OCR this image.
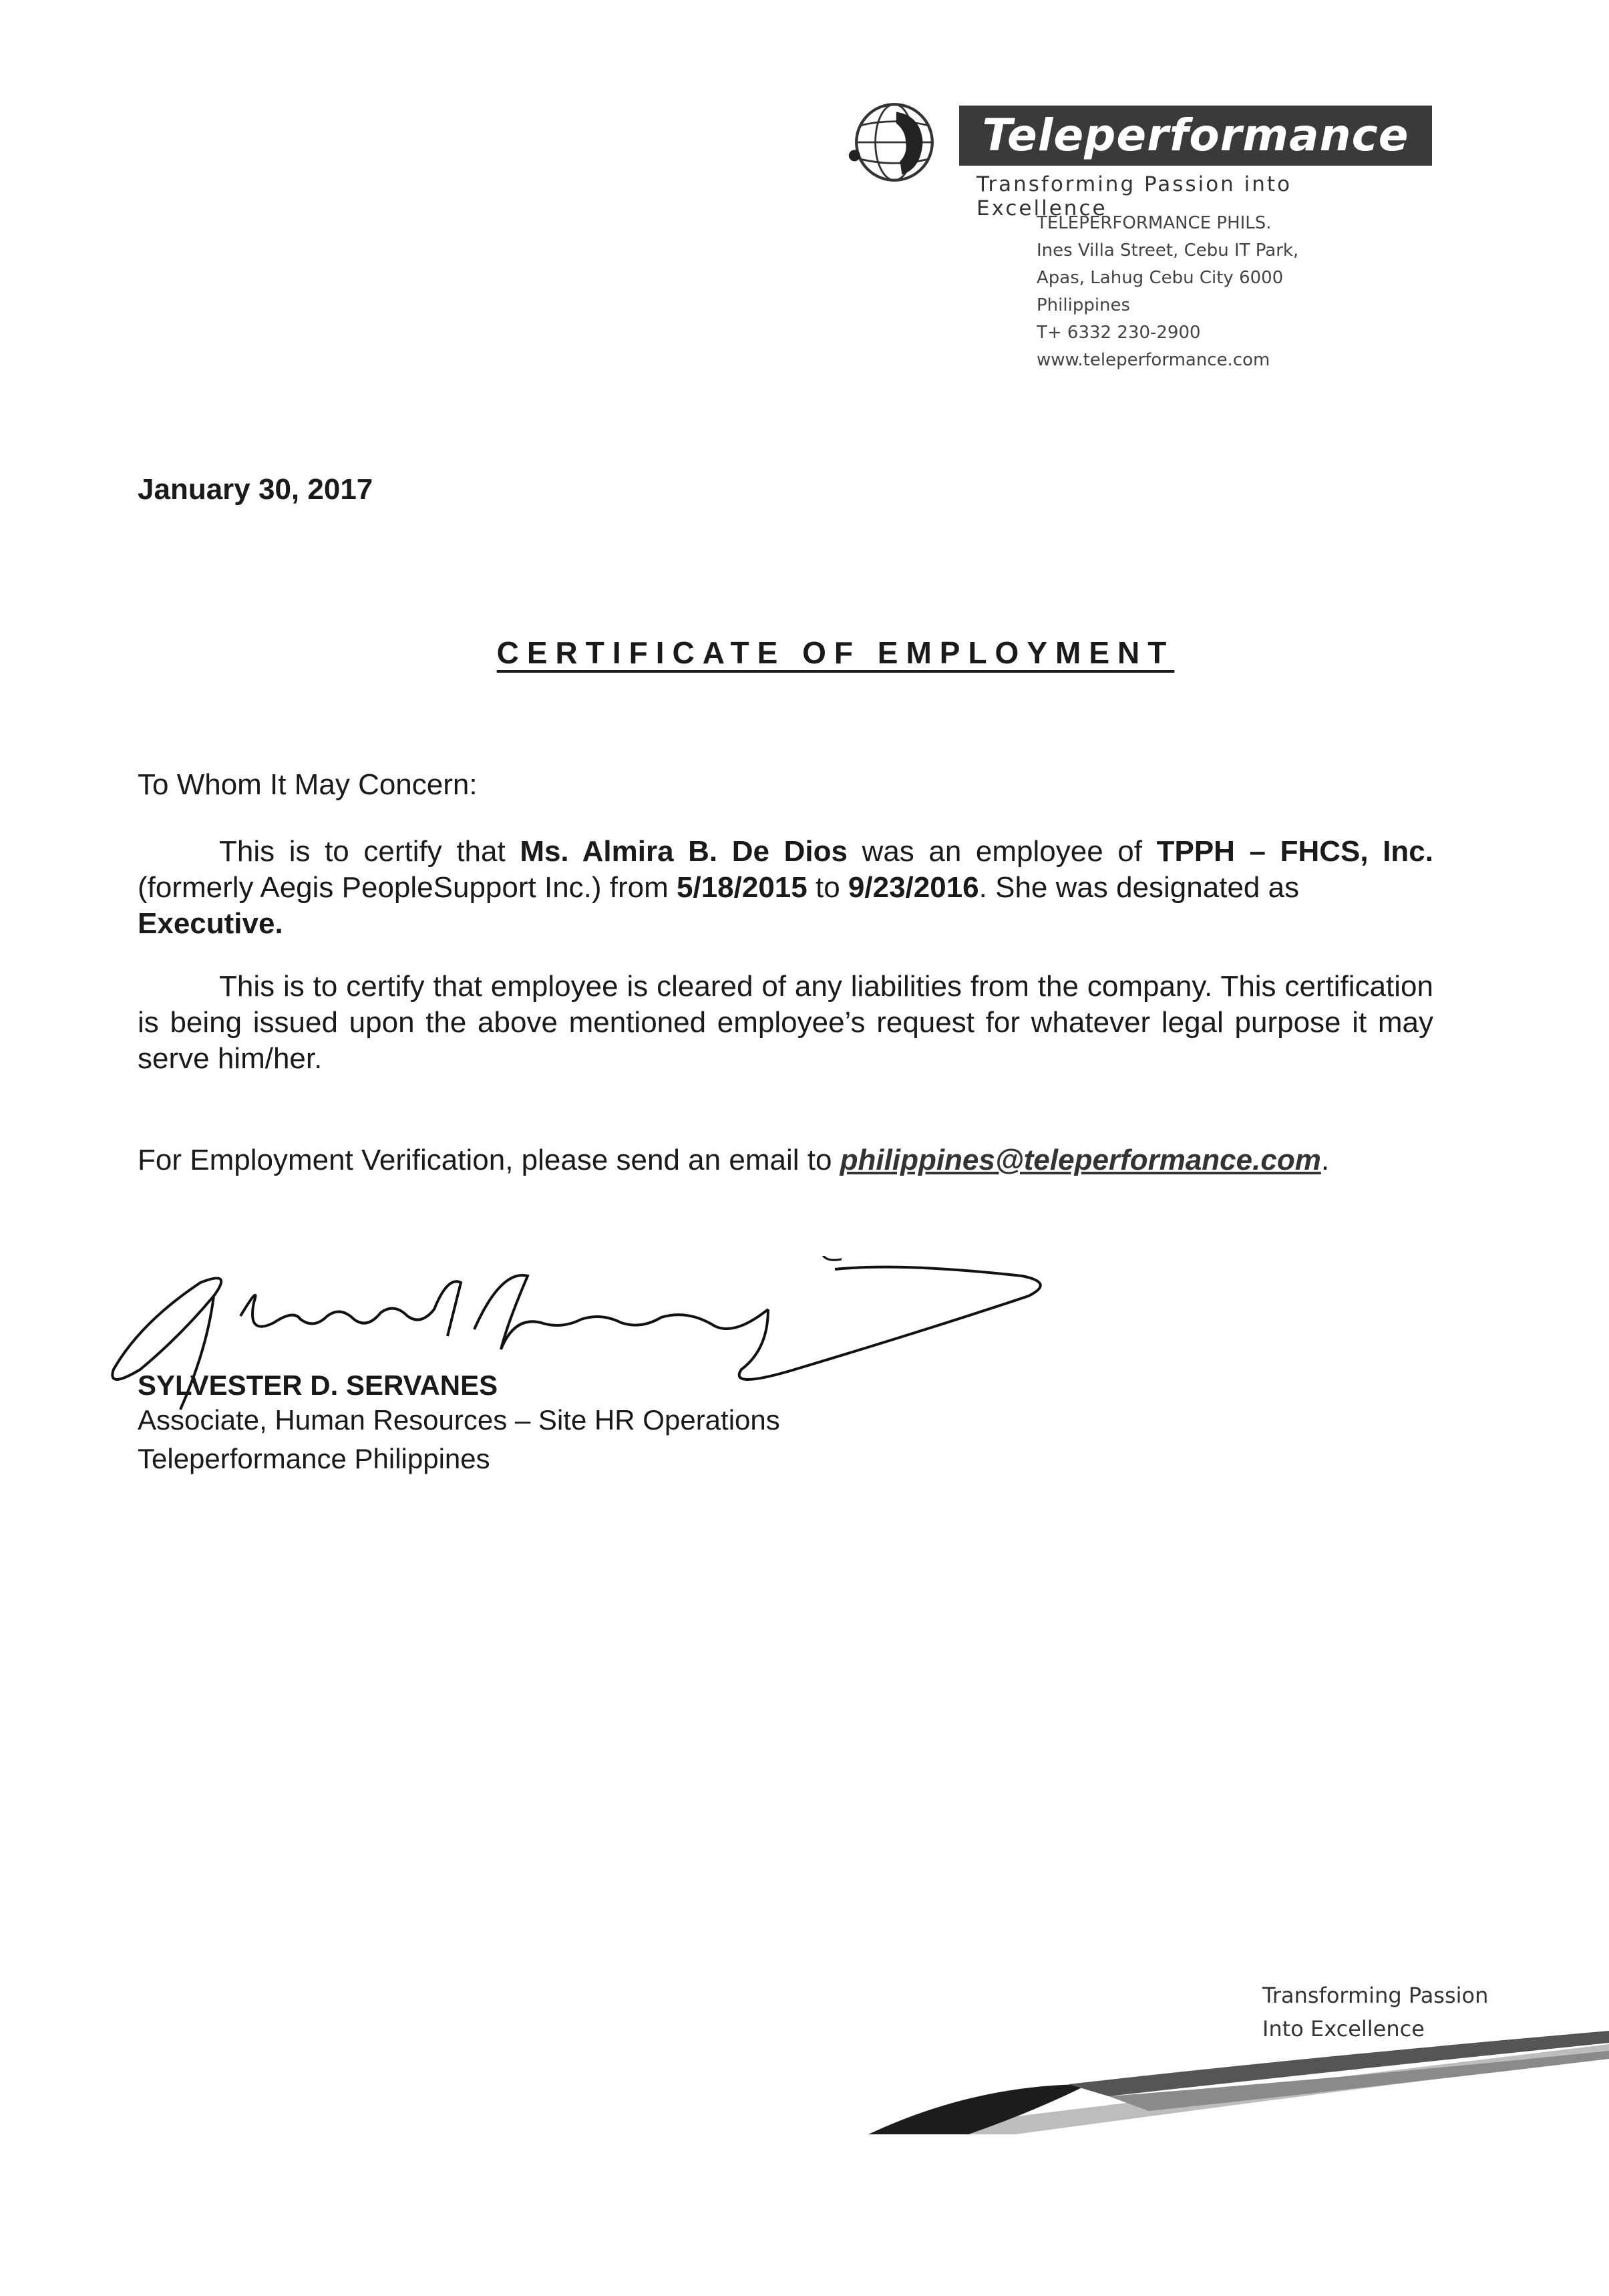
Teleperformance
Transforming Passion into Excellence
TELEPERFORMANCE PHILS.
Ines Villa Street, Cebu IT Park,
Apas, Lahug Cebu City 6000
Philippines
T+ 6332 230-2900
www.teleperformance.com
January 30, 2017
CERTIFICATE OF EMPLOYMENT
To Whom It May Concern:
This is to certify that Ms. Almira B. De Dios was an employee of TPPH – FHCS, Inc. (formerly Aegis PeopleSupport Inc.) from 5/18/2015 to 9/23/2016. She was designated as
Executive.
This is to certify that employee is cleared of any liabilities from the company. This certification is being issued upon the above mentioned employee’s request for whatever legal purpose it may serve him/her.
For Employment Verification, please send an email to philippines@teleperformance.com.
SYLVESTER D. SERVANES
Associate, Human Resources – Site HR Operations
Teleperformance Philippines
Transforming Passion
Into Excellence
